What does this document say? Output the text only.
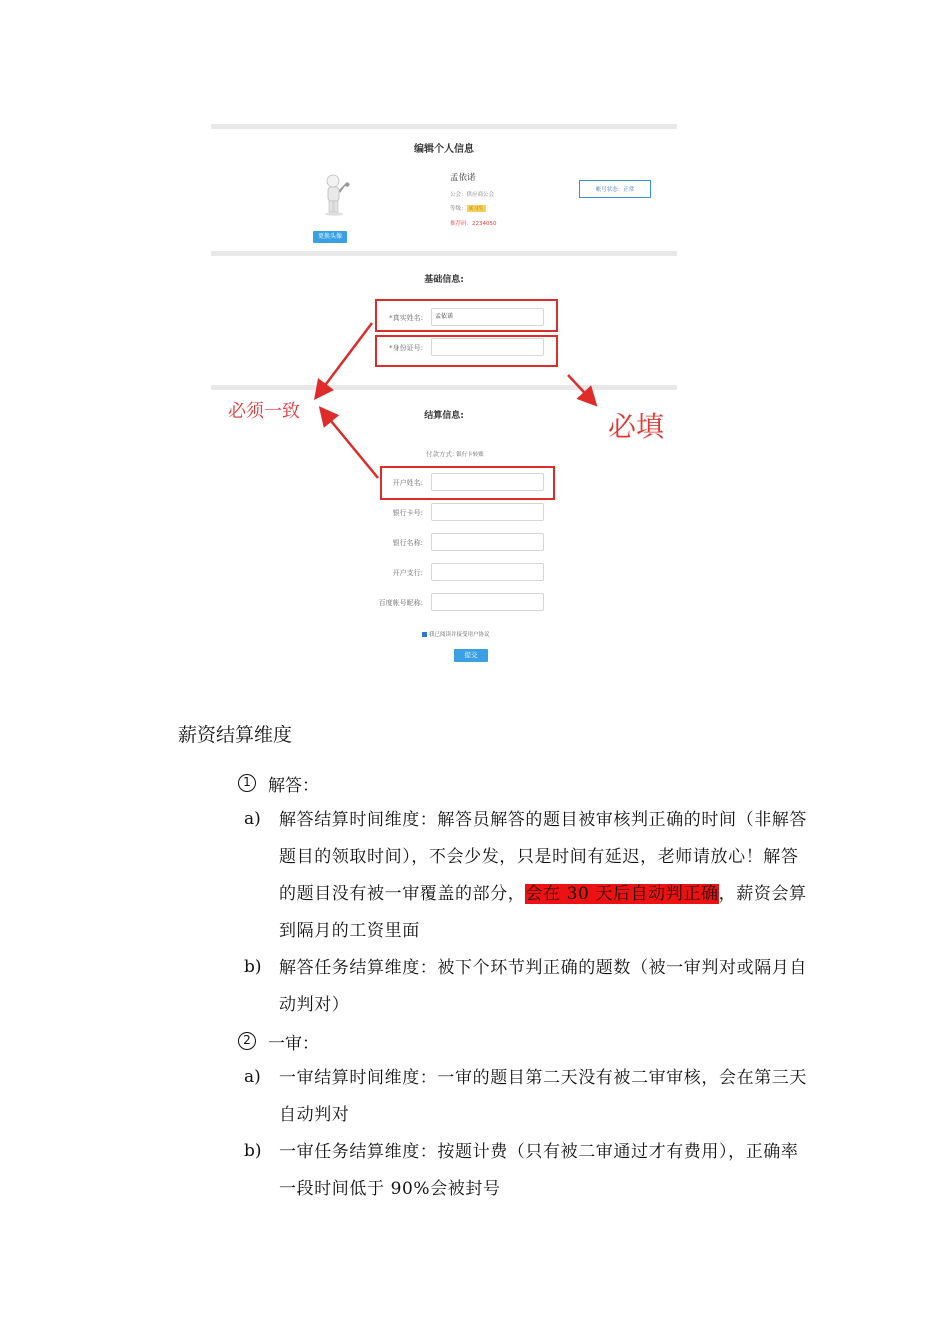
编辑个人信息
更换头像
孟依诺
公会：供应商公会
等级： 实习生
推荐码：2234050
帐号状态：正常
基础信息:
*真实姓名:	孟依诺
*身份证号:
结算信息:
付款方式: 银行卡转账
开户姓名:
银行卡号:
银行名称:
开户支行:
百度帐号昵称:
我已阅读并接受用户协议
提交
必须一致	必填
薪资结算维度
1	解答：
a) 解答结算时间维度：解答员解答的题目被审核判正确的时间（非解答题目的领取时间），不会少发，只是时间有延迟，老师请放心！解答的题目没有被一审覆盖的部分，会在 30 天后自动判正确，薪资会算到隔月的工资里面
b) 解答任务结算维度：被下个环节判正确的题数（被一审判对或隔月自动判对）
2	一审：
a) 一审结算时间维度：一审的题目第二天没有被二审审核，会在第三天自动判对
b) 一审任务结算维度：按题计费（只有被二审通过才有费用），正确率一段时间低于 90%会被封号
